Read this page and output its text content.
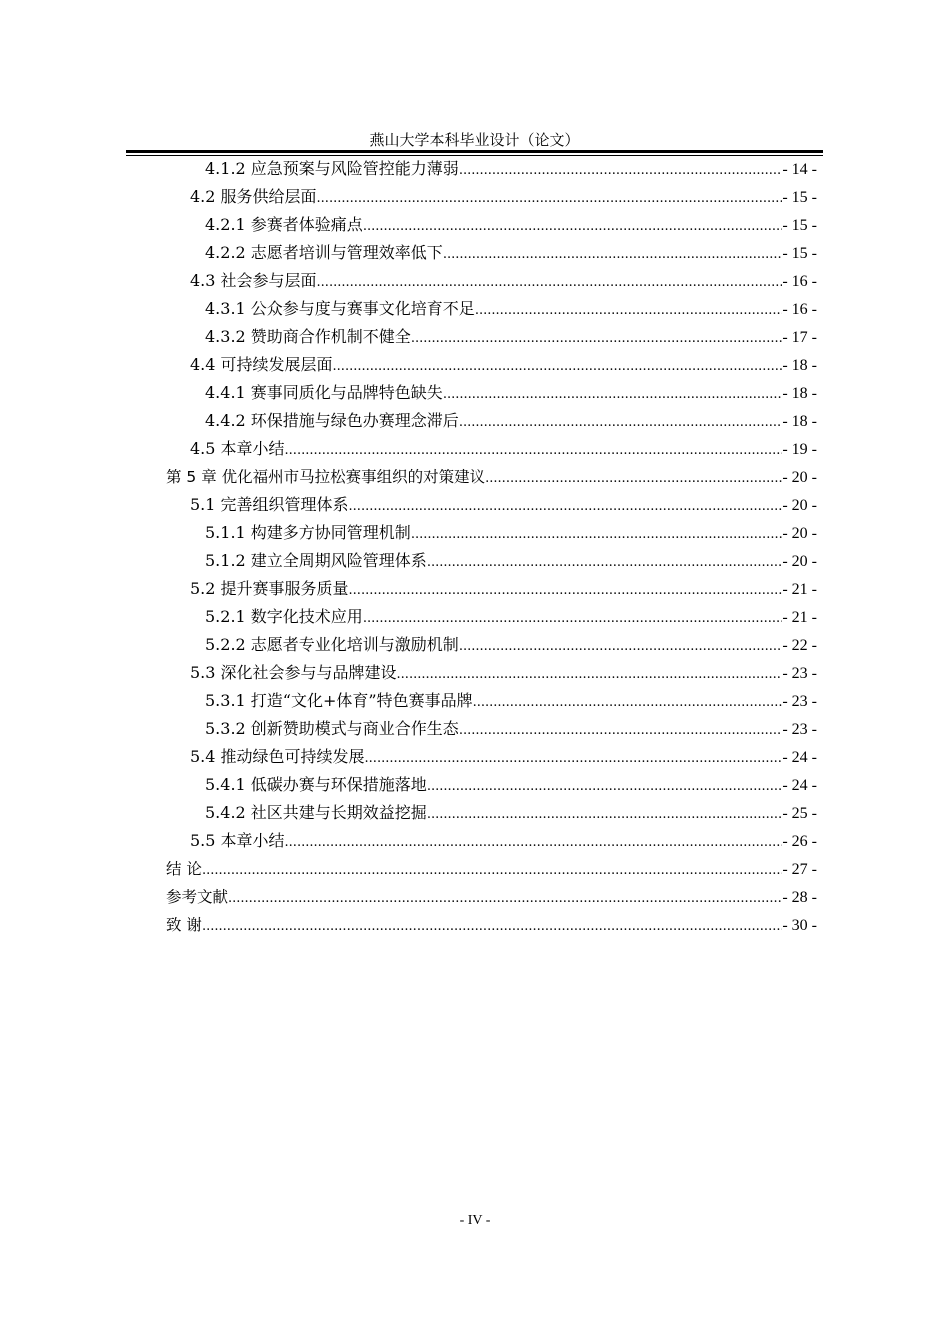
燕山大学本科毕业设计（论文）
4.1.2 应急预案与风险管控能力薄弱 .....	- 14 -
4.2 服务供给层面 .....	- 15 -
4.2.1 参赛者体验痛点 .....	- 15 -
4.2.2 志愿者培训与管理效率低下 .....	- 15 -
4.3 社会参与层面 .....	- 16 -
4.3.1 公众参与度与赛事文化培育不足 .....	- 16 -
4.3.2 赞助商合作机制不健全 .....	- 17 -
4.4 可持续发展层面 .....	- 18 -
4.4.1 赛事同质化与品牌特色缺失 .....	- 18 -
4.4.2 环保措施与绿色办赛理念滞后 .....	- 18 -
4.5 本章小结 .....	- 19 -
第 5 章 优化福州市马拉松赛事组织的对策建议 .....	- 20 -
5.1 完善组织管理体系 .....	- 20 -
5.1.1 构建多方协同管理机制 .....	- 20 -
5.1.2 建立全周期风险管理体系 .....	- 20 -
5.2 提升赛事服务质量 .....	- 21 -
5.2.1 数字化技术应用 .....	- 21 -
5.2.2 志愿者专业化培训与激励机制 .....	- 22 -
5.3 深化社会参与与品牌建设 .....	- 23 -
5.3.1 打造“文化+体育”特色赛事品牌 .....	- 23 -
5.3.2 创新赞助模式与商业合作生态 .....	- 23 -
5.4 推动绿色可持续发展 .....	- 24 -
5.4.1 低碳办赛与环保措施落地 .....	- 24 -
5.4.2 社区共建与长期效益挖掘 .....	- 25 -
5.5 本章小结 .....	- 26 -
结 论 .....	- 27 -
参考文献 .....	- 28 -
致 谢 .....	- 30 -
- IV -
